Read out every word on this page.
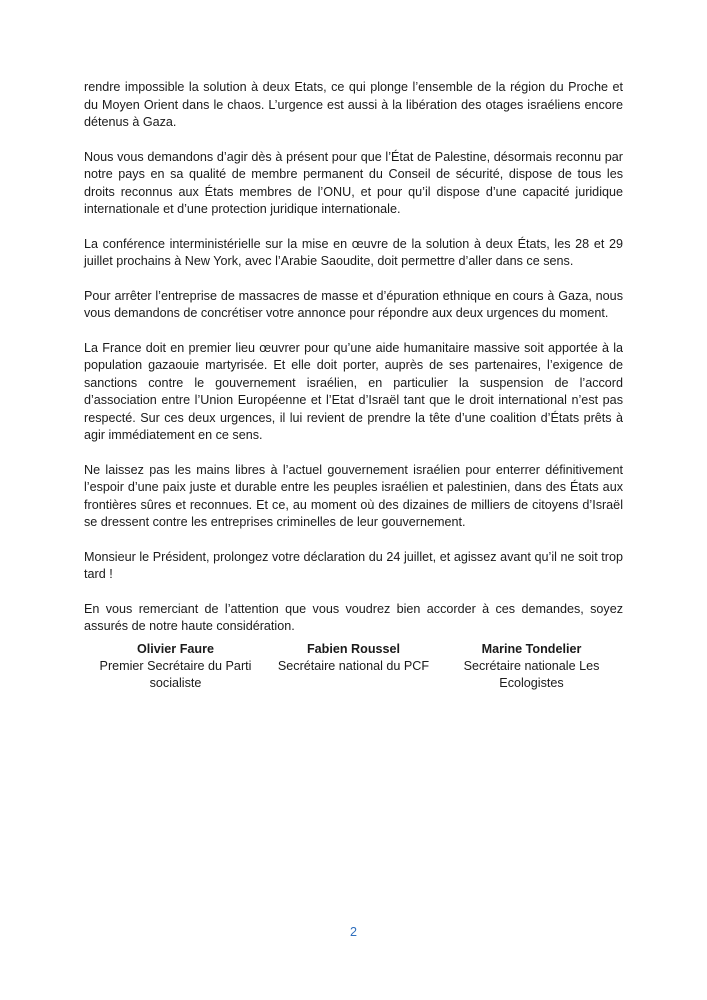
rendre impossible la solution à deux Etats, ce qui plonge l’ensemble de la région du Proche et du Moyen Orient dans le chaos. L’urgence est aussi à la libération des otages israéliens encore détenus à Gaza.

Nous vous demandons d’agir dès à présent pour que l’État de Palestine, désormais reconnu par notre pays en sa qualité de membre permanent du Conseil de sécurité, dispose de tous les droits reconnus aux États membres de l’ONU, et pour qu’il dispose d’une capacité juridique internationale et d’une protection juridique internationale.

La conférence interministérielle sur la mise en œuvre de la solution à deux États, les 28 et 29 juillet prochains à New York, avec l’Arabie Saoudite, doit permettre d’aller dans ce sens.

Pour arrêter l’entreprise de massacres de masse et d’épuration ethnique en cours à Gaza, nous vous demandons de concrétiser votre annonce pour répondre aux deux urgences du moment.

La France doit en premier lieu œuvrer pour qu’une aide humanitaire massive soit apportée à la population gazaouie martyrisée. Et elle doit porter, auprès de ses partenaires, l’exigence de sanctions contre le gouvernement israélien, en particulier la suspension de l’accord d’association entre l’Union Européenne et l’Etat d’Israël tant que le droit international n’est pas respecté. Sur ces deux urgences, il lui revient de prendre la tête d’une coalition d’États prêts à agir immédiatement en ce sens.

Ne laissez pas les mains libres à l’actuel gouvernement israélien pour enterrer définitivement l’espoir d’une paix juste et durable entre les peuples israélien et palestinien, dans des États aux frontières sûres et reconnues. Et ce, au moment où des dizaines de milliers de citoyens d’Israël se dressent contre les entreprises criminelles de leur gouvernement.

Monsieur le Président, prolongez votre déclaration du 24 juillet, et agissez avant qu’il ne soit trop tard !

En vous remerciant de l’attention que vous voudrez bien accorder à ces demandes, soyez assurés de notre haute considération.

Olivier Faure
Premier Secrétaire du Parti
socialiste
Fabien Roussel
Secrétaire national du PCF
Marine Tondelier
Secrétaire nationale Les
Ecologistes
2
